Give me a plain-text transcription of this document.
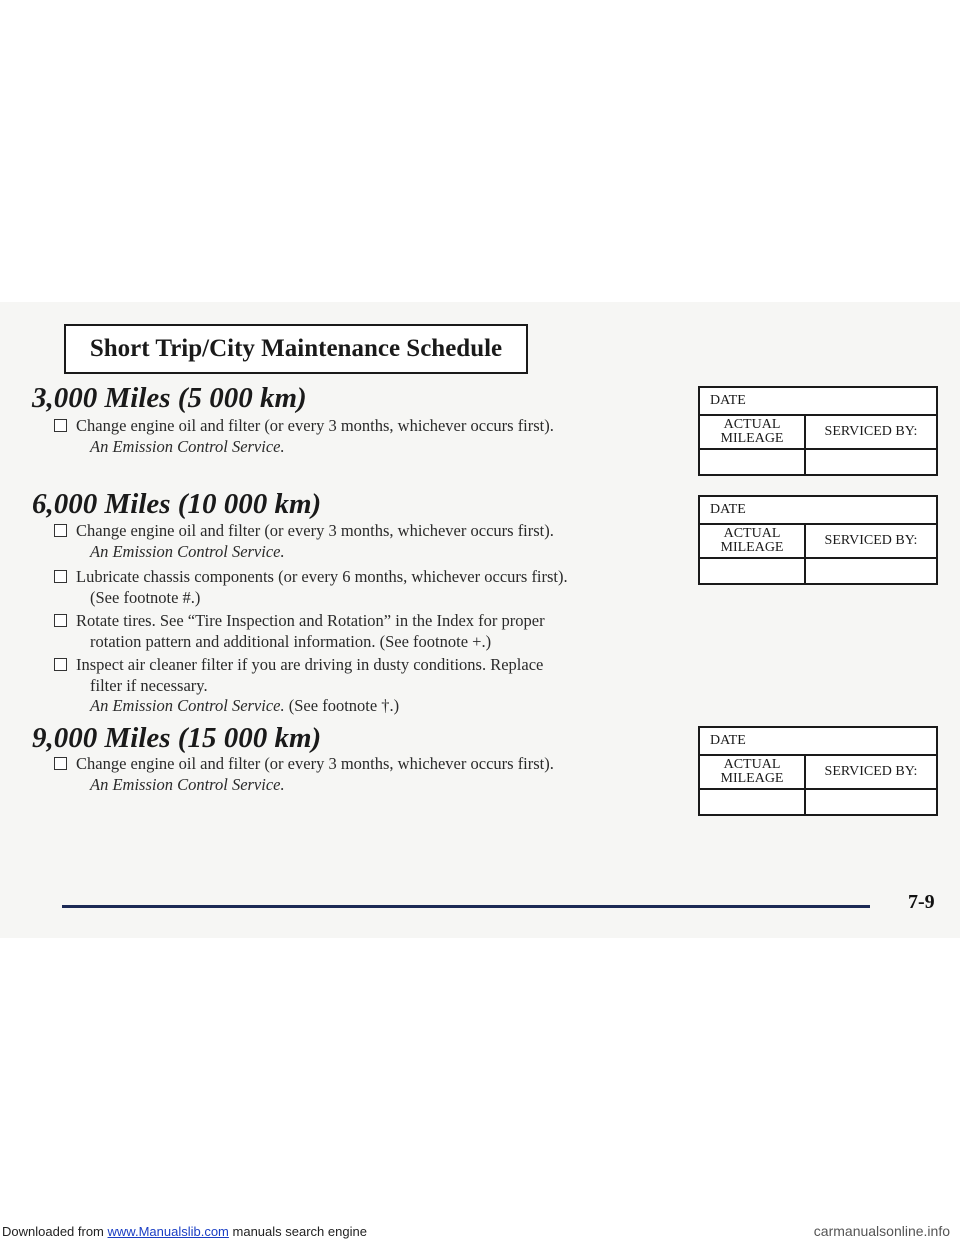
Short Trip/City Maintenance Schedule
3,000 Miles (5 000 km)
Change engine oil and filter (or every 3 months, whichever occurs first).
An Emission Control Service.
6,000 Miles (10 000 km)
Change engine oil and filter (or every 3 months, whichever occurs first).
An Emission Control Service.
Lubricate chassis components (or every 6 months, whichever occurs first).
(See footnote #.)
Rotate tires. See “Tire Inspection and Rotation” in the Index for proper
rotation pattern and additional information. (See footnote +.)
Inspect air cleaner filter if you are driving in dusty conditions. Replace
filter if necessary.
An Emission Control Service. (See footnote †.)
9,000 Miles (15 000 km)
Change engine oil and filter (or every 3 months, whichever occurs first).
An Emission Control Service.
DATE	
ACTUAL
MILEAGE	SERVICED BY:

DATE	
ACTUAL
MILEAGE	SERVICED BY:

DATE	
ACTUAL
MILEAGE	SERVICED BY:

7-9
Downloaded from www.Manualslib.com manuals search engine	carmanualsonline.info
